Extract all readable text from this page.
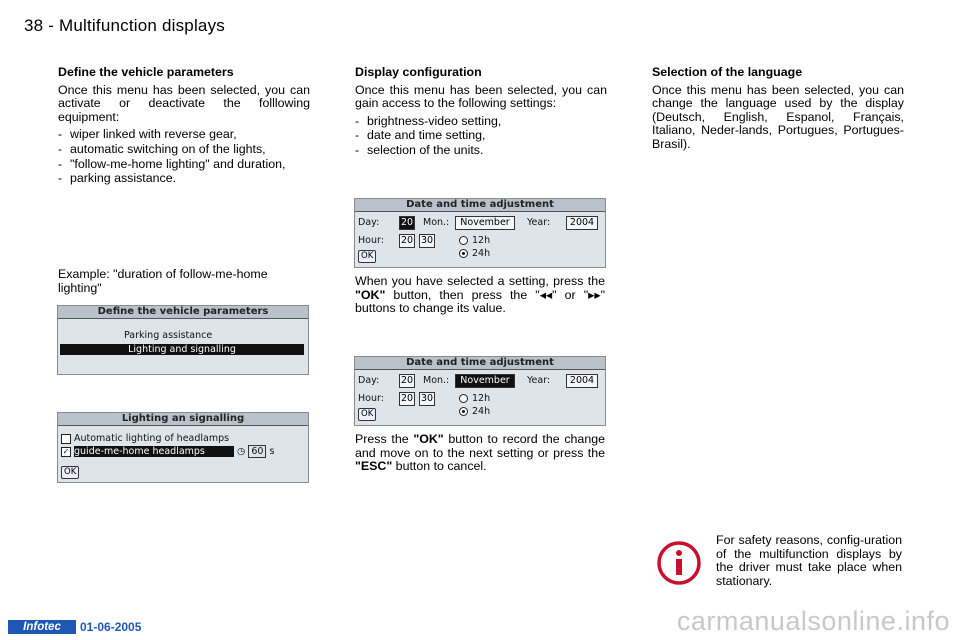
38 - Multifunction displays
Define the vehicle parameters
Once this menu has been selected, you can activate or deactivate the folllowing equipment:
- wiper linked with reverse gear,
- automatic switching on of the lights,
- "follow-me-home lighting" and duration,
- parking assistance.
Example: "duration of follow-me-home lighting"
Define the vehicle parameters
Parking assistance
Lighting and signalling
Lighting an signalling
Automatic lighting of headlamps
✓ guide-me-home headlamps	◷ 60 s
OK
Display configuration
Once this menu has been selected, you can gain access to the following settings:
- brightness-video setting,
- date and time setting,
- selection of the units.
Date and time adjustment
Day: 20 Mon.:	November	Year:	2004
Hour: 20 30	12h
24h
OK
When you have selected a setting, press the "OK" button, then press the "◂◂" or "▸▸" buttons to change its value.
Date and time adjustment
Day: 20 Mon.:	November	Year:	2004
Hour: 20 30	12h
24h
OK
Press the "OK" button to record the change and move on to the next setting or press the "ESC" button to cancel.
Selection of the language
Once this menu has been selected, you can change the language used by the display (Deutsch, English, Espanol, Français, Italiano, Neder-lands, Portugues, Portugues-Brasil).
For safety reasons, config-uration of the multifunction displays by the driver must take place when stationary.
Infotec	01-06-2005	carmanualsonline.info
